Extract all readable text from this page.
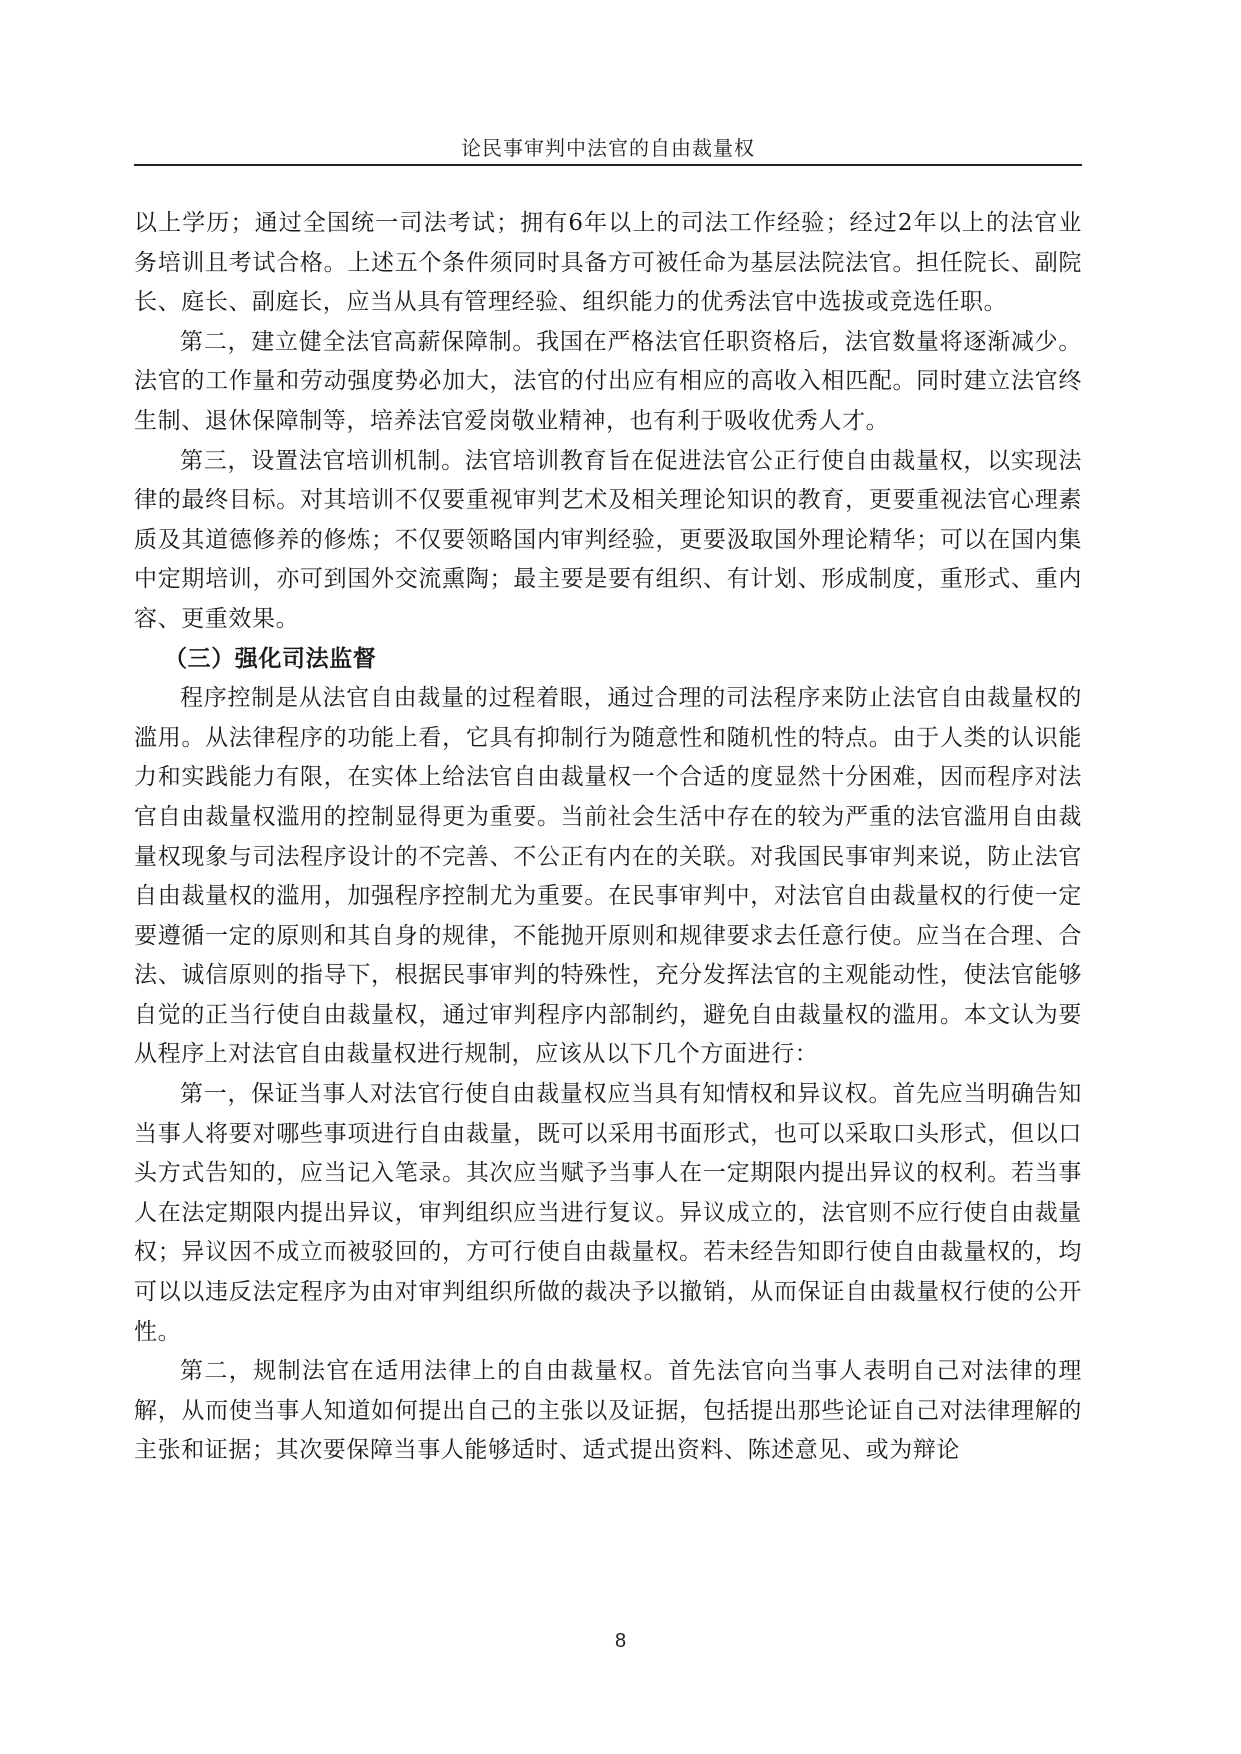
论民事审判中法官的自由裁量权

以上学历；通过全国统一司法考试；拥有6年以上的司法工作经验；经过2年以上的法官业务培训且考试合格。上述五个条件须同时具备方可被任命为基层法院法官。担任院长、副院长、庭长、副庭长，应当从具有管理经验、组织能力的优秀法官中选拔或竞选任职。

第二，建立健全法官高薪保障制。我国在严格法官任职资格后，法官数量将逐渐减少。法官的工作量和劳动强度势必加大，法官的付出应有相应的高收入相匹配。同时建立法官终生制、退休保障制等，培养法官爱岗敬业精神，也有利于吸收优秀人才。

第三，设置法官培训机制。法官培训教育旨在促进法官公正行使自由裁量权，以实现法律的最终目标。对其培训不仅要重视审判艺术及相关理论知识的教育，更要重视法官心理素质及其道德修养的修炼；不仅要领略国内审判经验，更要汲取国外理论精华；可以在国内集中定期培训，亦可到国外交流熏陶；最主要是要有组织、有计划、形成制度，重形式、重内容、更重效果。

（三）强化司法监督

程序控制是从法官自由裁量的过程着眼，通过合理的司法程序来防止法官自由裁量权的滥用。从法律程序的功能上看，它具有抑制行为随意性和随机性的特点。由于人类的认识能力和实践能力有限，在实体上给法官自由裁量权一个合适的度显然十分困难，因而程序对法官自由裁量权滥用的控制显得更为重要。当前社会生活中存在的较为严重的法官滥用自由裁量权现象与司法程序设计的不完善、不公正有内在的关联。对我国民事审判来说，防止法官自由裁量权的滥用，加强程序控制尤为重要。在民事审判中，对法官自由裁量权的行使一定要遵循一定的原则和其自身的规律，不能抛开原则和规律要求去任意行使。应当在合理、合法、诚信原则的指导下，根据民事审判的特殊性，充分发挥法官的主观能动性，使法官能够自觉的正当行使自由裁量权，通过审判程序内部制约，避免自由裁量权的滥用。本文认为要从程序上对法官自由裁量权进行规制，应该从以下几个方面进行：

第一，保证当事人对法官行使自由裁量权应当具有知情权和异议权。首先应当明确告知当事人将要对哪些事项进行自由裁量，既可以采用书面形式，也可以采取口头形式，但以口头方式告知的，应当记入笔录。其次应当赋予当事人在一定期限内提出异议的权利。若当事人在法定期限内提出异议，审判组织应当进行复议。异议成立的，法官则不应行使自由裁量权；异议因不成立而被驳回的，方可行使自由裁量权。若未经告知即行使自由裁量权的，均可以以违反法定程序为由对审判组织所做的裁决予以撤销，从而保证自由裁量权行使的公开性。

第二，规制法官在适用法律上的自由裁量权。首先法官向当事人表明自己对法律的理解，从而使当事人知道如何提出自己的主张以及证据，包括提出那些论证自己对法律理解的主张和证据；其次要保障当事人能够适时、适式提出资料、陈述意见、或为辩论

8
